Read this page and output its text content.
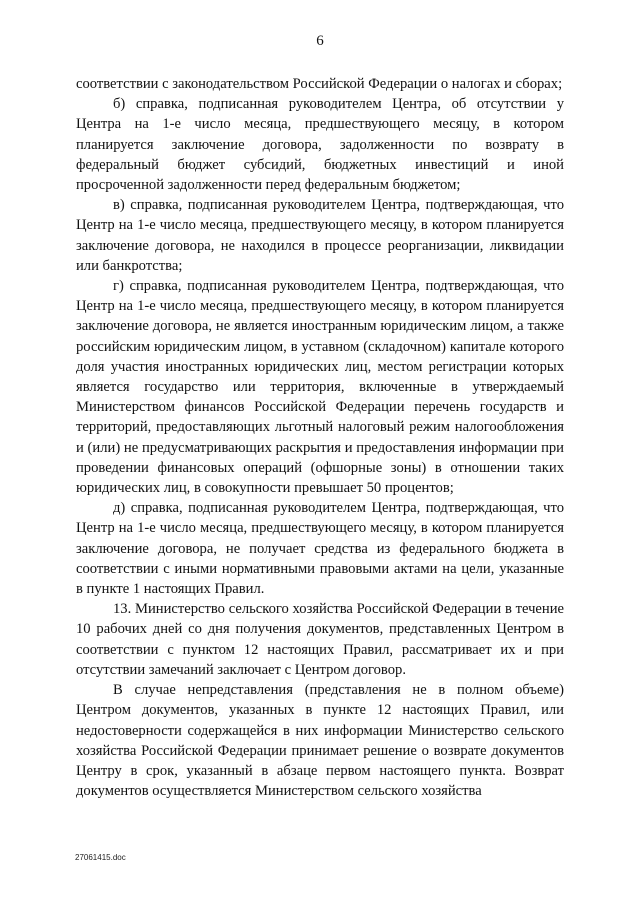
6

соответствии с законодательством Российской Федерации о налогах и сборах;

б) справка, подписанная руководителем Центра, об отсутствии у Центра на 1-е число месяца, предшествующего месяцу, в котором планируется заключение договора, задолженности по возврату в федеральный бюджет субсидий, бюджетных инвестиций и иной просроченной задолженности перед федеральным бюджетом;

в) справка, подписанная руководителем Центра, подтверждающая, что Центр на 1-е число месяца, предшествующего месяцу, в котором планируется заключение договора, не находился в процессе реорганизации, ликвидации или банкротства;

г) справка, подписанная руководителем Центра, подтверждающая, что Центр на 1-е число месяца, предшествующего месяцу, в котором планируется заключение договора, не является иностранным юридическим лицом, а также российским юридическим лицом, в уставном (складочном) капитале которого доля участия иностранных юридических лиц, местом регистрации которых является государство или территория, включенные в утверждаемый Министерством финансов Российской Федерации перечень государств и территорий, предоставляющих льготный налоговый режим налогообложения и (или) не предусматривающих раскрытия и предоставления информации при проведении финансовых операций (офшорные зоны) в отношении таких юридических лиц, в совокупности превышает 50 процентов;

д) справка, подписанная руководителем Центра, подтверждающая, что Центр на 1-е число месяца, предшествующего месяцу, в котором планируется заключение договора, не получает средства из федерального бюджета в соответствии с иными нормативными правовыми актами на цели, указанные в пункте 1 настоящих Правил.

13. Министерство сельского хозяйства Российской Федерации в течение 10 рабочих дней со дня получения документов, представленных Центром в соответствии с пунктом 12 настоящих Правил, рассматривает их и при отсутствии замечаний заключает с Центром договор.

В случае непредставления (представления не в полном объеме) Центром документов, указанных в пункте 12 настоящих Правил, или недостоверности содержащейся в них информации Министерство сельского хозяйства Российской Федерации принимает решение о возврате документов Центру в срок, указанный в абзаце первом настоящего пункта. Возврат документов осуществляется Министерством сельского хозяйства

27061415.doc
